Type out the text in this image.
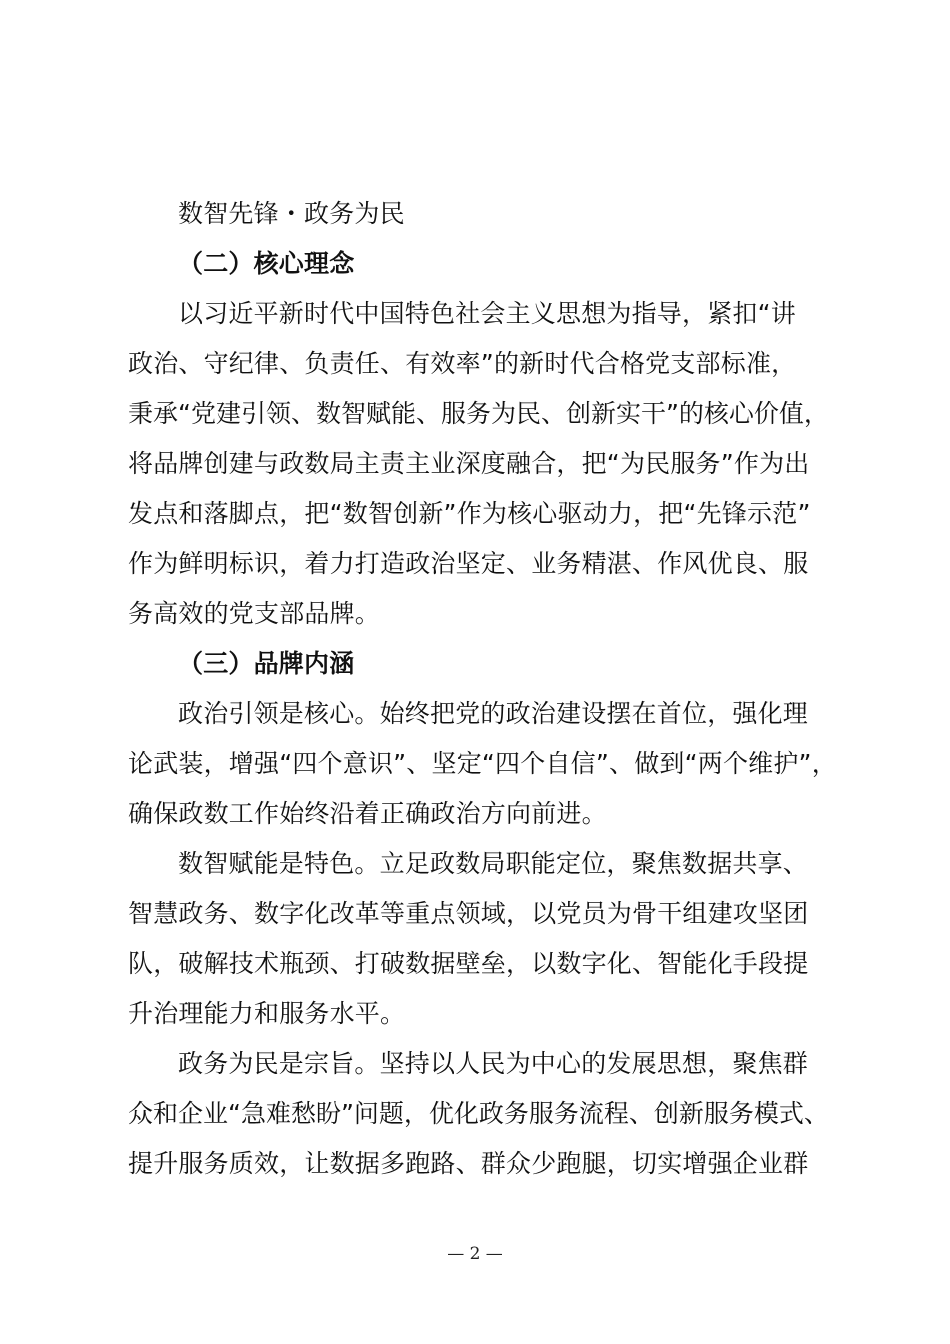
数智先锋・政务为民
（二）核心理念
以习近平新时代中国特色社会主义思想为指导，紧扣“讲
政治、守纪律、负责任、有效率”的新时代合格党支部标准，
秉承“党建引领、数智赋能、服务为民、创新实干”的核心价值，
将品牌创建与政数局主责主业深度融合，把“为民服务”作为出
发点和落脚点，把“数智创新”作为核心驱动力，把“先锋示范”
作为鲜明标识，着力打造政治坚定、业务精湛、作风优良、服
务高效的党支部品牌。
（三）品牌内涵
政治引领是核心。始终把党的政治建设摆在首位，强化理
论武装，增强“四个意识”、坚定“四个自信”、做到“两个维护”，
确保政数工作始终沿着正确政治方向前进。
数智赋能是特色。立足政数局职能定位，聚焦数据共享、
智慧政务、数字化改革等重点领域，以党员为骨干组建攻坚团
队，破解技术瓶颈、打破数据壁垒，以数字化、智能化手段提
升治理能力和服务水平。
政务为民是宗旨。坚持以人民为中心的发展思想，聚焦群
众和企业“急难愁盼”问题，优化政务服务流程、创新服务模式、
提升服务质效，让数据多跑路、群众少跑腿，切实增强企业群
— 2 —
